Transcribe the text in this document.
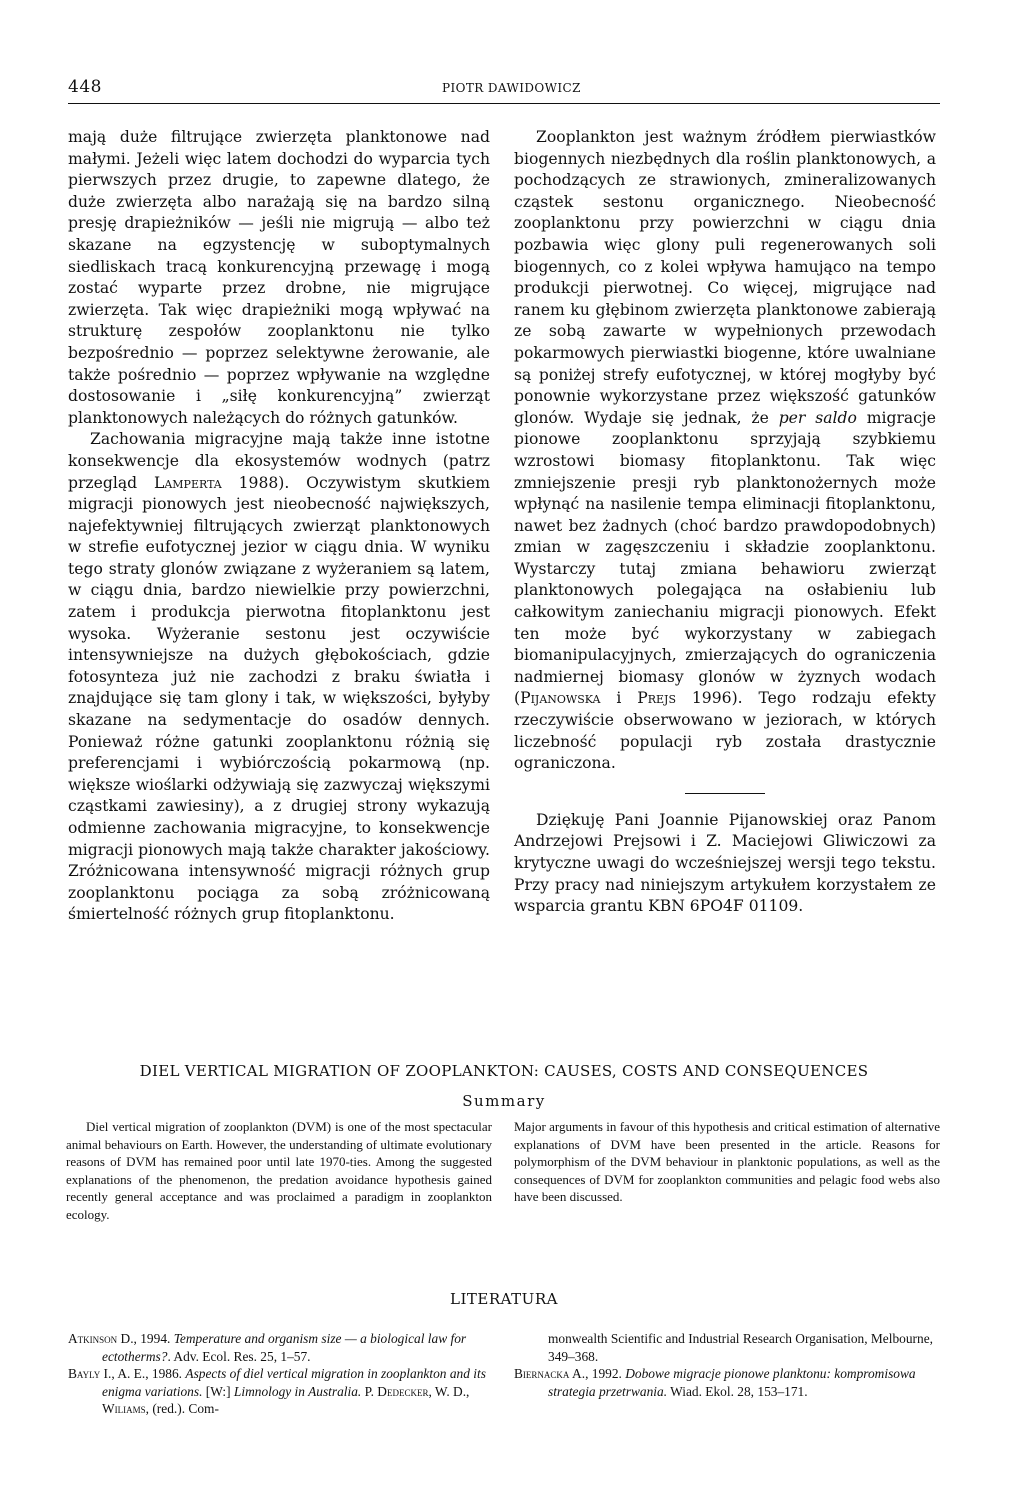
448	PIOTR DAWIDOWICZ

mają duże filtrujące zwierzęta planktonowe nad małymi. Jeżeli więc latem dochodzi do wyparcia tych pierwszych przez drugie, to zapewne dlatego, że duże zwierzęta albo narażają się na bardzo silną presję drapieżników — jeśli nie migrują — albo też skazane na egzystencję w suboptymalnych siedliskach tracą konkurencyjną przewagę i mogą zostać wyparte przez drobne, nie migrujące zwierzęta. Tak więc drapieżniki mogą wpływać na strukturę zespołów zooplanktonu nie tylko bezpośrednio — poprzez selektywne żerowanie, ale także pośrednio — poprzez wpływanie na względne dostosowanie i „siłę konkurencyjną” zwierząt planktonowych należących do różnych gatunków.

Zachowania migracyjne mają także inne istotne konsekwencje dla ekosystemów wodnych (patrz przegląd Lamperta 1988). Oczywistym skutkiem migracji pionowych jest nieobecność największych, najefektywniej filtrujących zwierząt planktonowych w strefie eufotycznej jezior w ciągu dnia. W wyniku tego straty glonów związane z wyżeraniem są latem, w ciągu dnia, bardzo niewielkie przy powierzchni, zatem i produkcja pierwotna fitoplanktonu jest wysoka. Wyżeranie sestonu jest oczywiście intensywniejsze na dużych głębokościach, gdzie fotosynteza już nie zachodzi z braku światła i znajdujące się tam glony i tak, w większości, byłyby skazane na sedymentacje do osadów dennych. Ponieważ różne gatunki zooplanktonu różnią się preferencjami i wybiórczością pokarmową (np. większe wioślarki odżywiają się zazwyczaj większymi cząstkami zawiesiny), a z drugiej strony wykazują odmienne zachowania migracyjne, to konsekwencje migracji pionowych mają także charakter jakościowy. Zróżnicowana intensywność migracji różnych grup zooplanktonu pociąga za sobą zróżnicowaną śmiertelność różnych grup fitoplanktonu.

Zooplankton jest ważnym źródłem pierwiastków biogennych niezbędnych dla roślin planktonowych, a pochodzących ze strawionych, zmineralizowanych cząstek sestonu organicznego. Nieobecność zooplanktonu przy powierzchni w ciągu dnia pozbawia więc glony puli regenerowanych soli biogennych, co z kolei wpływa hamująco na tempo produkcji pierwotnej. Co więcej, migrujące nad ranem ku głębinom zwierzęta planktonowe zabierają ze sobą zawarte w wypełnionych przewodach pokarmowych pierwiastki biogenne, które uwalniane są poniżej strefy eufotycznej, w której mogłyby być ponownie wykorzystane przez większość gatunków glonów. Wydaje się jednak, że per saldo migracje pionowe zooplanktonu sprzyjają szybkiemu wzrostowi biomasy fitoplanktonu. Tak więc zmniejszenie presji ryb planktonożernych może wpłynąć na nasilenie tempa eliminacji fitoplanktonu, nawet bez żadnych (choć bardzo prawdopodobnych) zmian w zagęszczeniu i składzie zooplanktonu. Wystarczy tutaj zmiana behawioru zwierząt planktonowych polegająca na osłabieniu lub całkowitym zaniechaniu migracji pionowych. Efekt ten może być wykorzystany w zabiegach biomanipulacyjnych, zmierzających do ograniczenia nadmiernej biomasy glonów w żyznych wodach (Pijanowska i Prejs 1996). Tego rodzaju efekty rzeczywiście obserwowano w jeziorach, w których liczebność populacji ryb została drastycznie ograniczona.

Dziękuję Pani Joannie Pijanowskiej oraz Panom Andrzejowi Prejsowi i Z. Maciejowi Gliwiczowi za krytyczne uwagi do wcześniejszej wersji tego tekstu. Przy pracy nad niniejszym artykułem korzystałem ze wsparcia grantu KBN 6PO4F 01109.

DIEL VERTICAL MIGRATION OF ZOOPLANKTON: CAUSES, COSTS AND CONSEQUENCES
Summary

Diel vertical migration of zooplankton (DVM) is one of the most spectacular animal behaviours on Earth. However, the understanding of ultimate evolutionary reasons of DVM has remained poor until late 1970-ties. Among the suggested explanations of the phenomenon, the predation avoidance hypothesis gained recently general acceptance and was proclaimed a paradigm in zooplankton ecology.

Major arguments in favour of this hypothesis and critical estimation of alternative explanations of DVM have been presented in the article. Reasons for polymorphism of the DVM behaviour in planktonic populations, as well as the consequences of DVM for zooplankton communities and pelagic food webs also have been discussed.

LITERATURA

Atkinson D., 1994. Temperature and organism size — a biological law for ectotherms?. Adv. Ecol. Res. 25, 1–57.

Bayly I., A. E., 1986. Aspects of diel vertical migration in zooplankton and its enigma variations. [W:] Limnology in Australia. P. Dedecker, W. D., Wiliams, (red.). Com-

monwealth Scientific and Industrial Research Organisation, Melbourne, 349–368.

Biernacka A., 1992. Dobowe migracje pionowe planktonu: kompromisowa strategia przetrwania. Wiad. Ekol. 28, 153–171.
